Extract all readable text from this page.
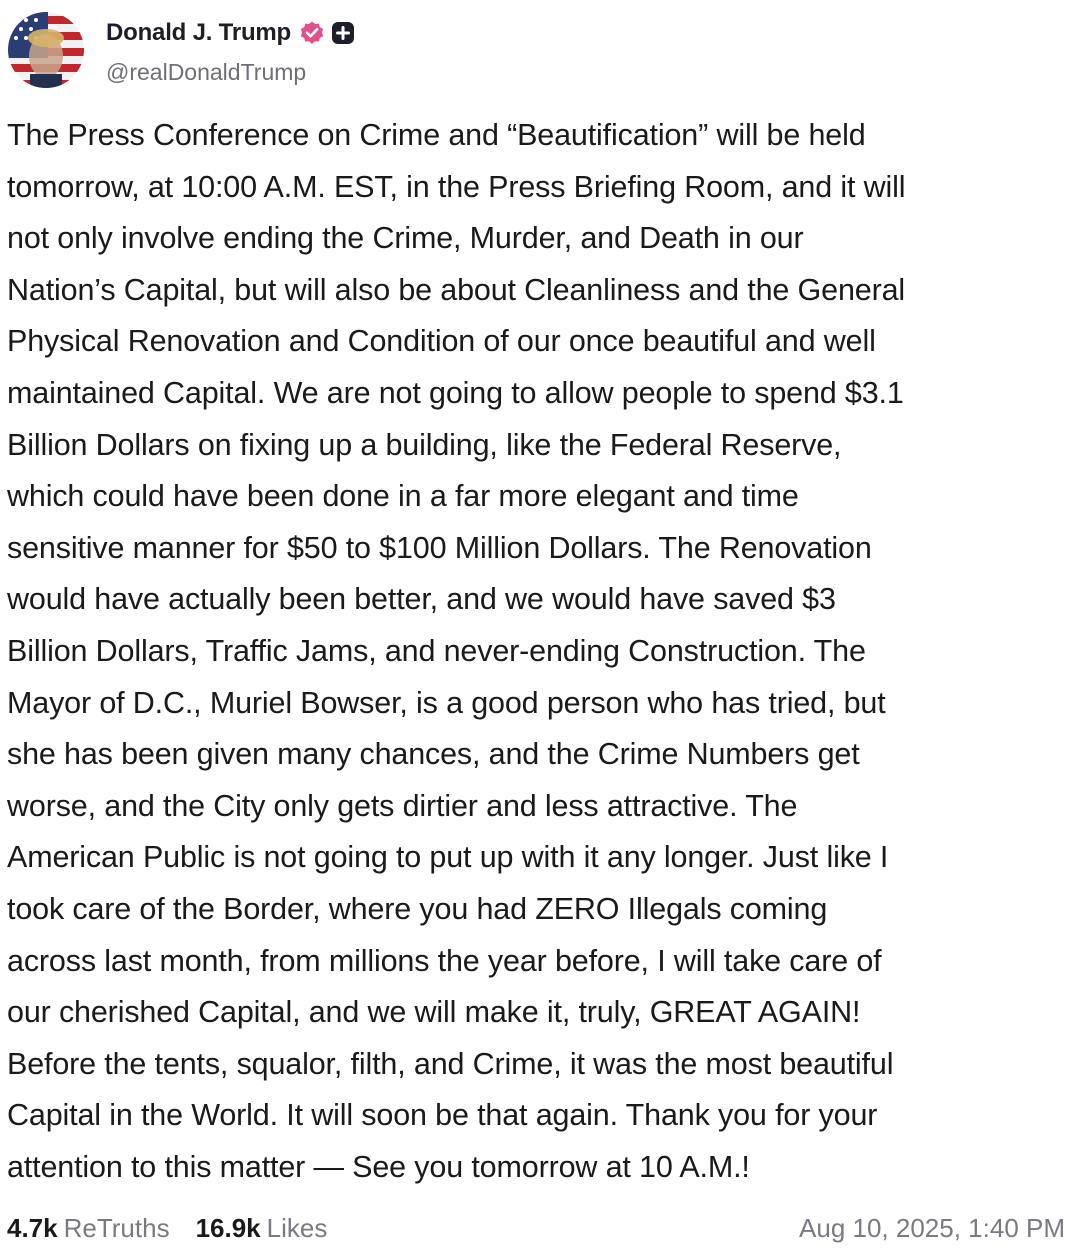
Donald J. Trump
@realDonaldTrump
The Press Conference on Crime and “Beautification” will be held
tomorrow, at 10:00 A.M. EST, in the Press Briefing Room, and it will
not only involve ending the Crime, Murder, and Death in our
Nation’s Capital, but will also be about Cleanliness and the General
Physical Renovation and Condition of our once beautiful and well
maintained Capital. We are not going to allow people to spend $3.1
Billion Dollars on fixing up a building, like the Federal Reserve,
which could have been done in a far more elegant and time
sensitive manner for $50 to $100 Million Dollars. The Renovation
would have actually been better, and we would have saved $3
Billion Dollars, Traffic Jams, and never-ending Construction. The
Mayor of D.C., Muriel Bowser, is a good person who has tried, but
she has been given many chances, and the Crime Numbers get
worse, and the City only gets dirtier and less attractive. The
American Public is not going to put up with it any longer. Just like I
took care of the Border, where you had ZERO Illegals coming
across last month, from millions the year before, I will take care of
our cherished Capital, and we will make it, truly, GREAT AGAIN!
Before the tents, squalor, filth, and Crime, it was the most beautiful
Capital in the World. It will soon be that again. Thank you for your
attention to this matter — See you tomorrow at 10 A.M.!
4.7k ReTruths 16.9k Likes	Aug 10, 2025, 1:40 PM
